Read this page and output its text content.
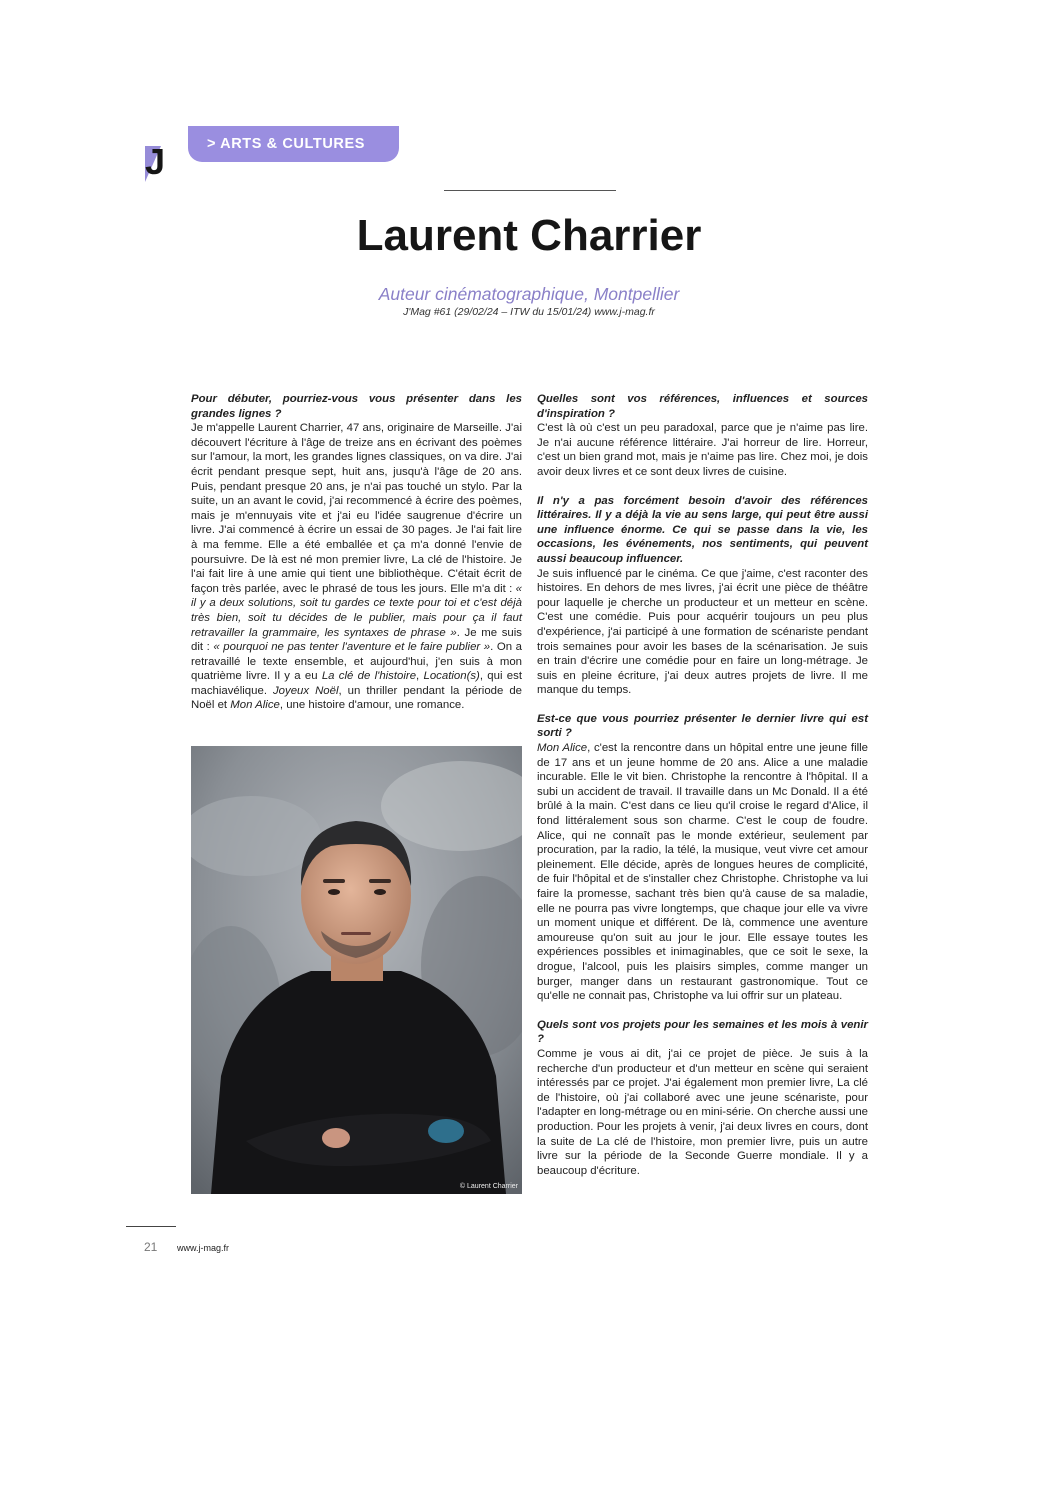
J	> ARTS & CULTURES
Laurent Charrier
Auteur cinématographique, Montpellier
J'Mag #61 (29/02/24 – ITW du 15/01/24) www.j-mag.fr

Pour débuter, pourriez-vous vous présenter dans les grandes lignes ?

Je m'appelle Laurent Charrier, 47 ans, originaire de Marseille. J'ai découvert l'écriture à l'âge de treize ans en écrivant des poèmes sur l'amour, la mort, les grandes lignes classiques, on va dire. J'ai écrit pendant presque sept, huit ans, jusqu'à l'âge de 20 ans. Puis, pendant presque 20 ans, je n'ai pas touché un stylo. Par la suite, un an avant le covid, j'ai recommencé à écrire des poèmes, mais je m'ennuyais vite et j'ai eu l'idée saugrenue d'écrire un livre. J'ai commencé à écrire un essai de 30 pages. Je l'ai fait lire à ma femme. Elle a été emballée et ça m'a donné l'envie de poursuivre. De là est né mon premier livre, La clé de l'histoire. Je l'ai fait lire à une amie qui tient une bibliothèque. C'était écrit de façon très parlée, avec le phrasé de tous les jours. Elle m'a dit : « il y a deux solutions, soit tu gardes ce texte pour toi et c'est déjà très bien, soit tu décides de le publier, mais pour ça il faut retravailler la grammaire, les syntaxes de phrase ». Je me suis dit : « pourquoi ne pas tenter l'aventure et le faire publier ». On a retravaillé le texte ensemble, et aujourd'hui, j'en suis à mon quatrième livre. Il y a eu La clé de l'histoire, Location(s), qui est machiavélique. Joyeux Noël, un thriller pendant la période de Noël et Mon Alice, une histoire d'amour, une romance.

© Laurent Charrier

Quelles sont vos références, influences et sources d'inspiration ?

C'est là où c'est un peu paradoxal, parce que je n'aime pas lire. Je n'ai aucune référence littéraire. J'ai horreur de lire. Horreur, c'est un bien grand mot, mais je n'aime pas lire. Chez moi, je dois avoir deux livres et ce sont deux livres de cuisine.

Il n'y a pas forcément besoin d'avoir des références littéraires. Il y a déjà la vie au sens large, qui peut être aussi une influence énorme. Ce qui se passe dans la vie, les occasions, les événements, nos sentiments, qui peuvent aussi beaucoup influencer.

Je suis influencé par le cinéma. Ce que j'aime, c'est raconter des histoires. En dehors de mes livres, j'ai écrit une pièce de théâtre pour laquelle je cherche un producteur et un metteur en scène. C'est une comédie. Puis pour acquérir toujours un peu plus d'expérience, j'ai participé à une formation de scénariste pendant trois semaines pour avoir les bases de la scénarisation. Je suis en train d'écrire une comédie pour en faire un long-métrage. Je suis en pleine écriture, j'ai deux autres projets de livre. Il me manque du temps.

Est-ce que vous pourriez présenter le dernier livre qui est sorti ?

Mon Alice, c'est la rencontre dans un hôpital entre une jeune fille de 17 ans et un jeune homme de 20 ans. Alice a une maladie incurable. Elle le vit bien. Christophe la rencontre à l'hôpital. Il a subi un accident de travail. Il travaille dans un Mc Donald. Il a été brûlé à la main. C'est dans ce lieu qu'il croise le regard d'Alice, il fond littéralement sous son charme. C'est le coup de foudre. Alice, qui ne connaît pas le monde extérieur, seulement par procuration, par la radio, la télé, la musique, veut vivre cet amour pleinement. Elle décide, après de longues heures de complicité, de fuir l'hôpital et de s'installer chez Christophe. Christophe va lui faire la promesse, sachant très bien qu'à cause de sa maladie, elle ne pourra pas vivre longtemps, que chaque jour elle va vivre un moment unique et différent. De là, commence une aventure amoureuse qu'on suit au jour le jour. Elle essaye toutes les expériences possibles et inimaginables, que ce soit le sexe, la drogue, l'alcool, puis les plaisirs simples, comme manger un burger, manger dans un restaurant gastronomique. Tout ce qu'elle ne connait pas, Christophe va lui offrir sur un plateau.

Quels sont vos projets pour les semaines et les mois à venir ?

Comme je vous ai dit, j'ai ce projet de pièce. Je suis à la recherche d'un producteur et d'un metteur en scène qui seraient intéressés par ce projet. J'ai également mon premier livre, La clé de l'histoire, où j'ai collaboré avec une jeune scénariste, pour l'adapter en long-métrage ou en mini-série. On cherche aussi une production. Pour les projets à venir, j'ai deux livres en cours, dont la suite de La clé de l'histoire, mon premier livre, puis un autre livre sur la période de la Seconde Guerre mondiale. Il y a beaucoup d'écriture.

21 www.j-mag.fr
